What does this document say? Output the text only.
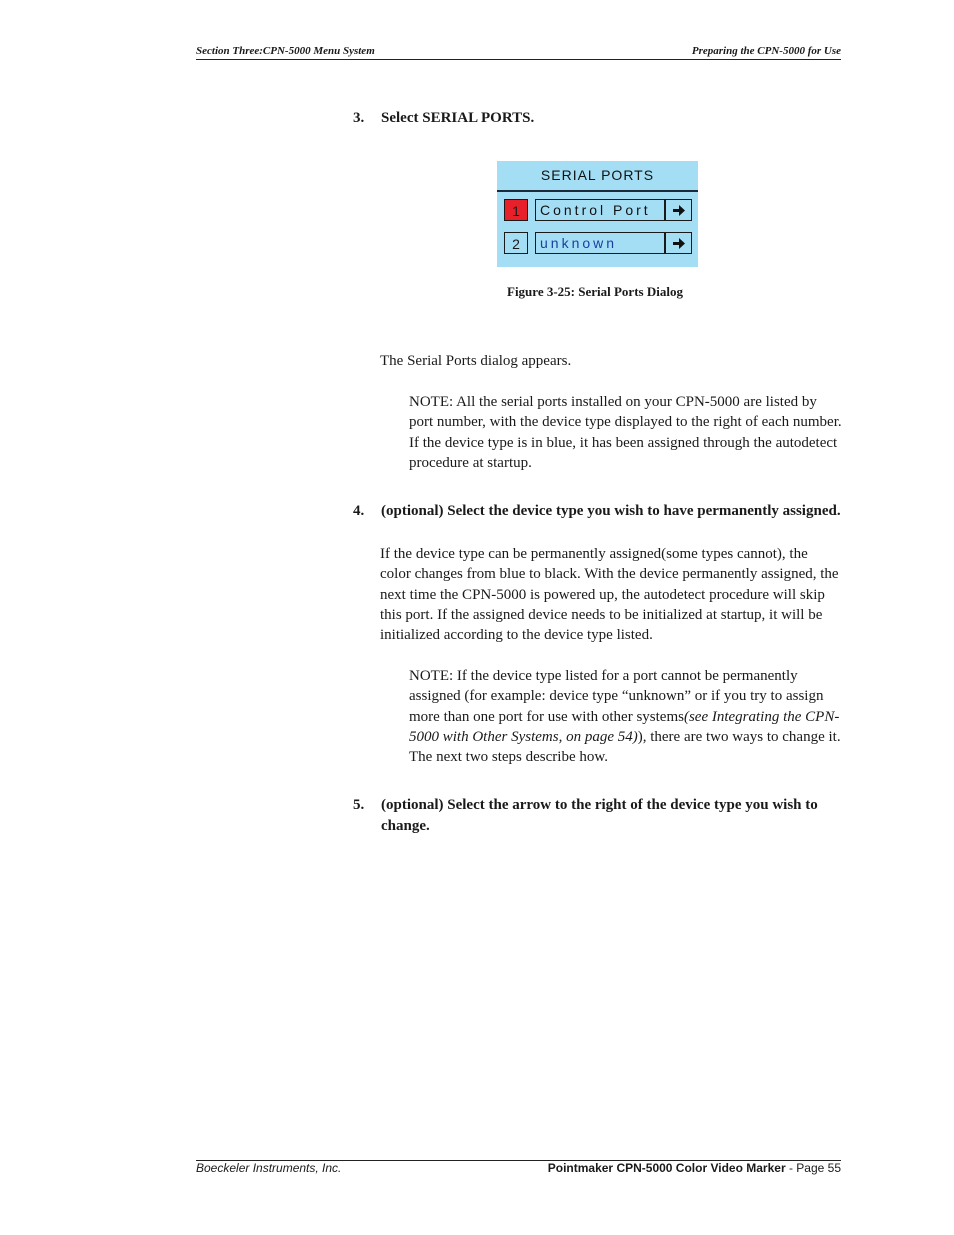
Section Three:CPN-5000 Menu System	Preparing the CPN-5000 for Use
3. Select SERIAL PORTS.
SERIAL PORTS
1	Control Port
2	unknown
Figure 3-25: Serial Ports Dialog

The Serial Ports dialog appears.

NOTE: All the serial ports installed on your CPN-5000 are listed by port number, with the device type displayed to the right of each number. If the device type is in blue, it has been assigned through the autodetect procedure at startup.

4. (optional) Select the device type you wish to have permanently assigned.

If the device type can be permanently assigned(some types cannot), the color changes from blue to black. With the device permanently assigned, the next time the CPN-5000 is powered up, the autodetect procedure will skip this port. If the assigned device needs to be initialized at startup, it will be initialized according to the device type listed.

NOTE: If the device type listed for a port cannot be permanently assigned (for example: device type “unknown” or if you try to assign more than one port for use with other systems(see Integrating the CPN-5000 with Other Systems, on page 54)), there are two ways to change it. The next two steps describe how.

5. (optional) Select the arrow to the right of the device type you wish to change.
Boeckeler Instruments, Inc.	Pointmaker CPN-5000 Color Video Marker - Page 55
